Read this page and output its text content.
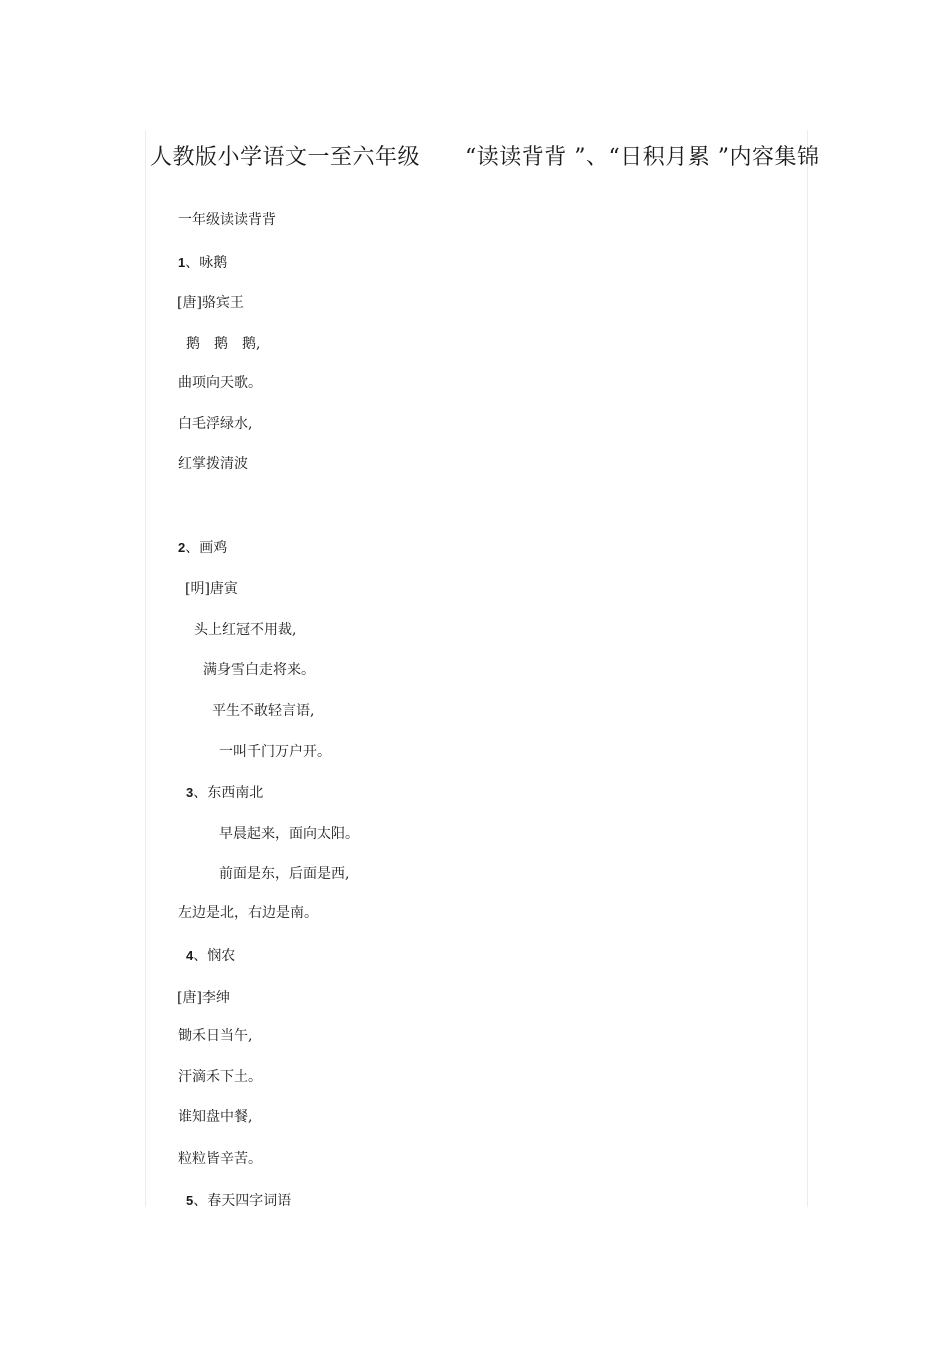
人教版小学语文一至六年级　　“读读背背 ”、“日积月累 ”内容集锦
一年级读读背背
1、咏鹅
[唐]骆宾王
鹅　鹅　鹅,
曲项向天歌。
白毛浮绿水,
红掌拨清波
2、画鸡
[明]唐寅
头上红冠不用裁,
满身雪白走将来。
平生不敢轻言语,
一叫千门万户开。
3、东西南北
早晨起来，面向太阳。
前面是东，后面是西,
左边是北，右边是南。
4、悯农
[唐]李绅
锄禾日当午,
汗滴禾下土。
谁知盘中餐,
粒粒皆辛苦。
5、春天四字词语
